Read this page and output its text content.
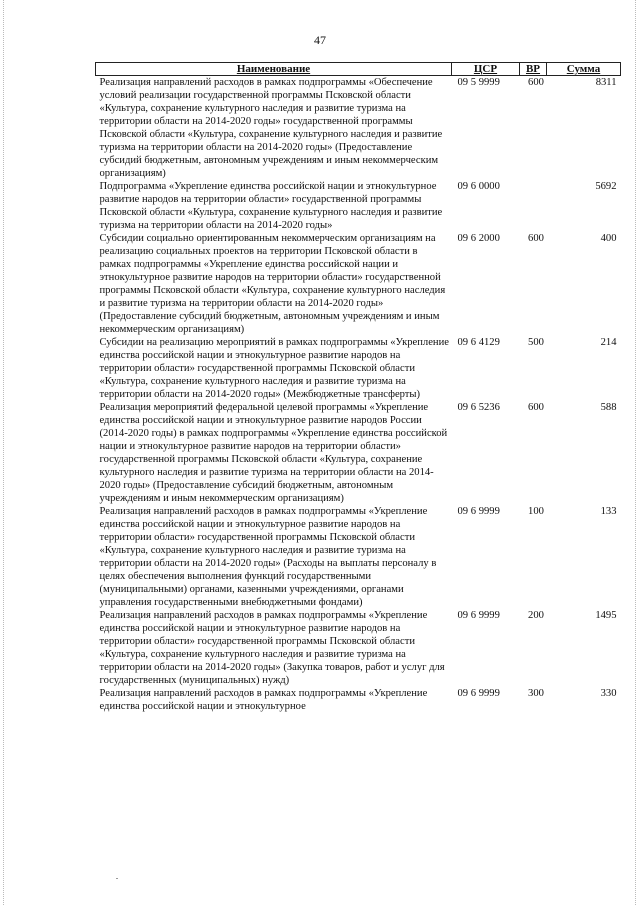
47
Наименование	ЦСР	ВР	Сумма
Реализация направлений расходов в рамках подпрограммы «Обеспечение условий реализации государственной программы Псковской области «Культура, сохранение культурного наследия и развитие туризма на территории области на 2014-2020 годы» государственной программы Псковской области «Культура, сохранение культурного наследия и развитие туризма на территории области на 2014-2020 годы» (Предоставление субсидий бюджетным, автономным учреждениям и иным некоммерческим организациям)	09 5 9999	600	8311
Подпрограмма «Укрепление единства российской нации и этнокультурное развитие народов на территории области» государственной программы Псковской области «Культура, сохранение культурного наследия и развитие туризма на территории области на 2014-2020 годы»	09 6 0000		5692
Субсидии социально ориентированным некоммерческим организациям на реализацию социальных проектов на территории Псковской области в рамках подпрограммы «Укрепление единства российской нации и этнокультурное развитие народов на территории области» государственной программы Псковской области «Культура, сохранение культурного наследия и развитие туризма на территории области на 2014-2020 годы» (Предоставление субсидий бюджетным, автономным учреждениям и иным некоммерческим организациям)	09 6 2000	600	400
Субсидии на реализацию мероприятий в рамках подпрограммы «Укрепление единства российской нации и этнокультурное развитие народов на территории области» государственной программы Псковской области «Культура, сохранение культурного наследия и развитие туризма на территории области на 2014-2020 годы» (Межбюджетные трансферты)	09 6 4129	500	214
Реализация мероприятий федеральной целевой программы «Укрепление единства российской нации и этнокультурное развитие народов России (2014-2020 годы) в рамках подпрограммы «Укрепление единства российской нации и этнокультурное развитие народов на территории области» государственной программы Псковской области «Культура, сохранение культурного наследия и развитие туризма на территории области на 2014-2020 годы» (Предоставление субсидий бюджетным, автономным учреждениям и иным некоммерческим организациям)	09 6 5236	600	588
Реализация направлений расходов в рамках подпрограммы «Укрепление единства российской нации и этнокультурное развитие народов на территории области» государственной программы Псковской области «Культура, сохранение культурного наследия и развитие туризма на территории области на 2014-2020 годы» (Расходы на выплаты персоналу в целях обеспечения выполнения функций государственными (муниципальными) органами, казенными учреждениями, органами управления государственными внебюджетными фондами)	09 6 9999	100	133
Реализация направлений расходов в рамках подпрограммы «Укрепление единства российской нации и этнокультурное развитие народов на территории области» государственной программы Псковской области «Культура, сохранение культурного наследия и развитие туризма на территории области на 2014-2020 годы» (Закупка товаров, работ и услуг для государственных (муниципальных) нужд)	09 6 9999	200	1495
Реализация направлений расходов в рамках подпрограммы «Укрепление единства российской нации и этнокультурное	09 6 9999	300	330
